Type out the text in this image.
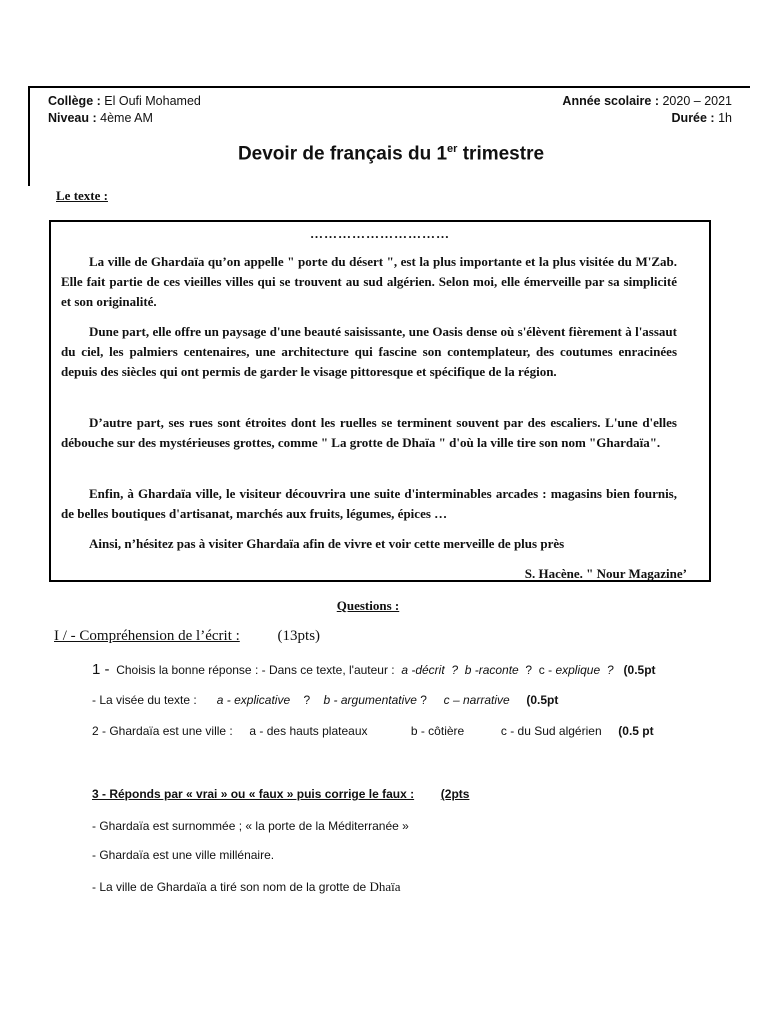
Collège : El Oufi Mohamed
Niveau : 4ème AM
Année scolaire : 2020 – 2021
Durée : 1h
Devoir de français du 1er trimestre
Le texte :
…………………………
La ville de Ghardaïa qu’on appelle " porte du désert ", est la plus importante et la plus visitée du M'Zab. Elle fait partie de ces vieilles villes qui se trouvent au sud algérien. Selon moi, elle émerveille par sa simplicité et son originalité.
Dune part, elle offre un paysage d'une beauté saisissante, une Oasis dense où s'élèvent fièrement à l'assaut du ciel, les palmiers centenaires, une architecture qui fascine son contemplateur, des coutumes enracinées depuis des siècles qui ont permis de garder le visage pittoresque et spécifique de la région.
D’autre part, ses rues sont étroites dont les ruelles se terminent souvent par des escaliers. L'une d'elles débouche sur des mystérieuses grottes, comme " La grotte de Dhaïa " d'où la ville tire son nom "Ghardaïa".
Enfin, à Ghardaïa ville, le visiteur découvrira une suite d'interminables arcades : magasins bien fournis, de belles boutiques d'artisanat, marchés aux fruits, légumes, épices …
Ainsi, n’hésitez pas à visiter Ghardaïa afin de vivre et voir cette merveille de plus près
S. Hacène. " Nour Magazine’
Questions :
I / - Compréhension de l’écrit :	(13pts)
1 - Choisis la bonne réponse : - Dans ce texte, l'auteur : a -décrit ? b -raconte ? c - explique ? (0.5pt
- La visée du texte : a - explicative ? b - argumentative ? c – narrative (0.5pt
2 - Ghardaïa est une ville : a - des hauts plateaux	b - côtière	c - du Sud algérien (0.5 pt
3 - Réponds par « vrai » ou « faux » puis corrige le faux : (2pts
- Ghardaïa est surnommée ; « la porte de la Méditerranée »
- Ghardaïa est une ville millénaire.
- La ville de Ghardaïa a tiré son nom de la grotte de Dhaïa
